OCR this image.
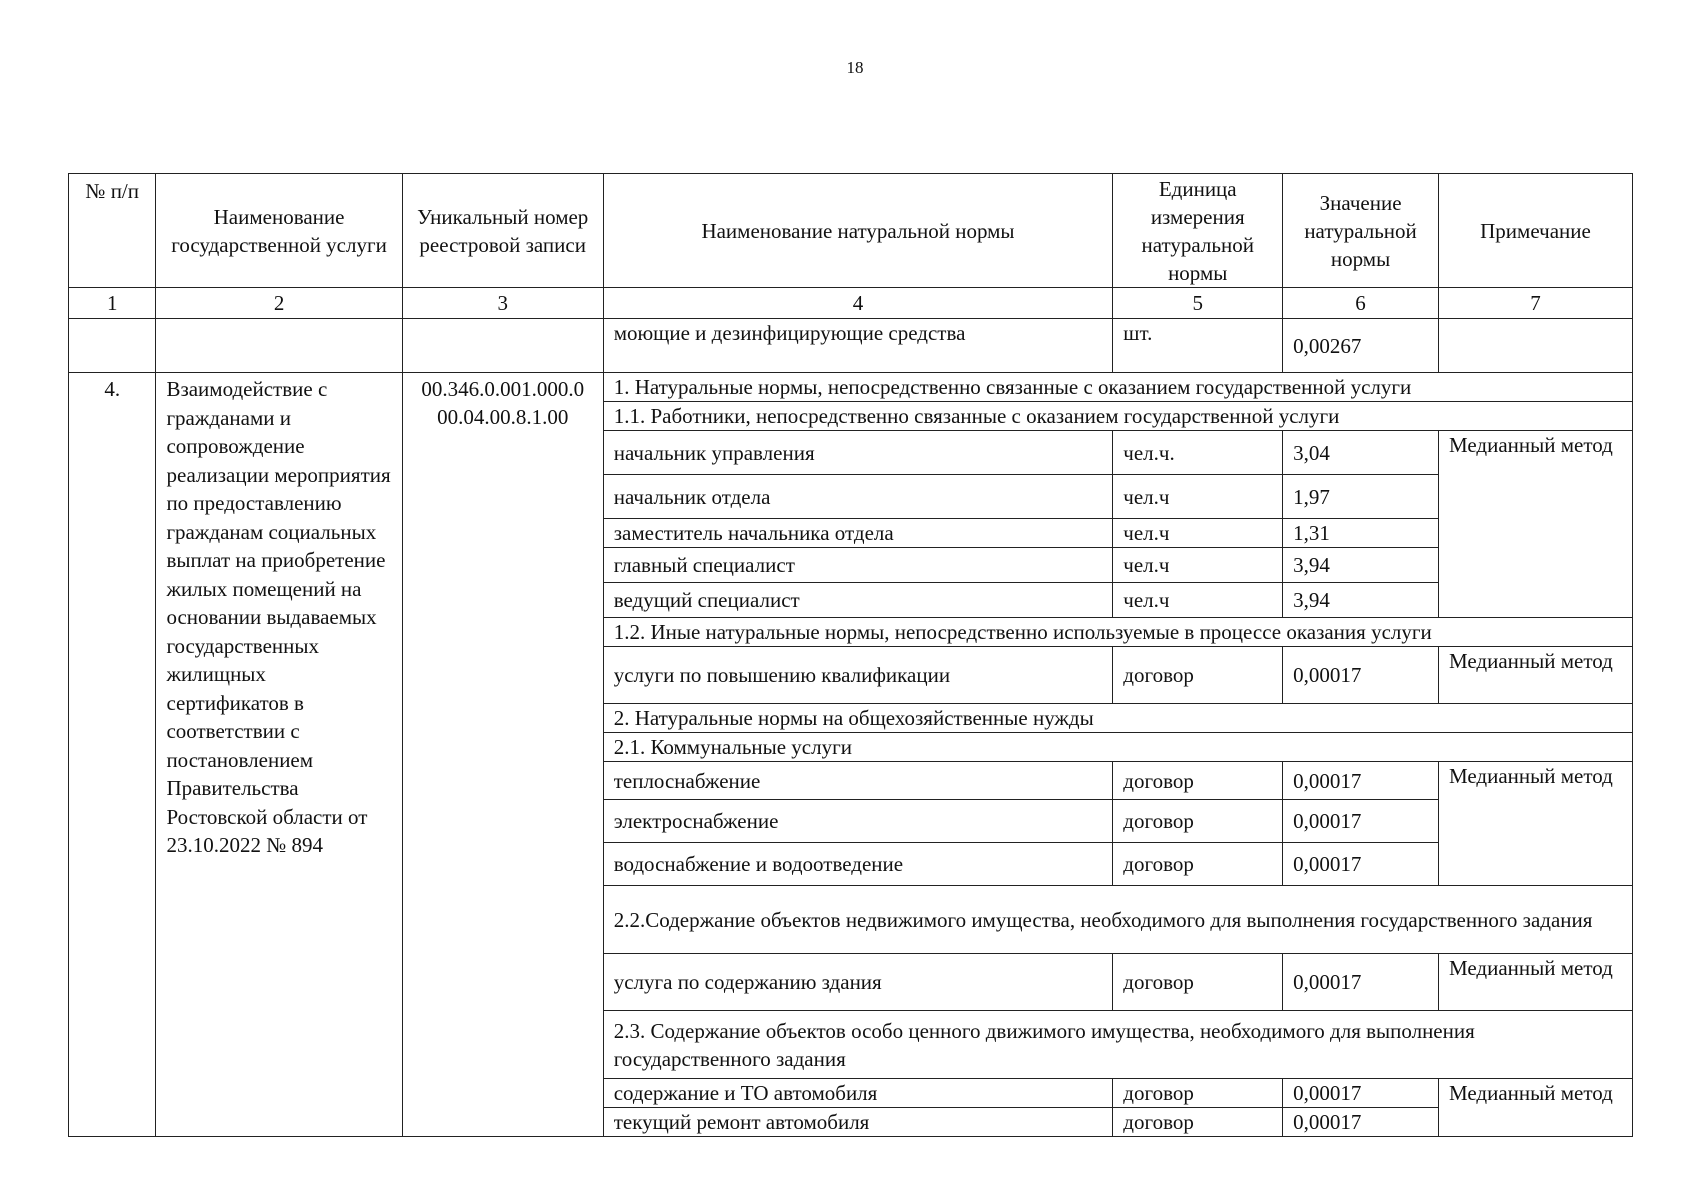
18
№ п/п	Наименование государственной услуги	Уникальный номер реестровой записи	Наименование натуральной нормы	Единица измерения натуральной нормы	Значение натуральной нормы	Примечание
1	2	3	4	5	6	7
			моющие и дезинфицирующие средства	шт.	0,00267	
4.	Взаимодействие с гражданами и сопровождение реализации мероприятия по предоставлению гражданам социальных выплат на приобретение жилых помещений на основании выдаваемых государственных жилищных сертификатов в соответствии с постановлением Правительства Ростовской области от 23.10.2022 № 894	00.346.0.001.000.0 00.04.00.8.1.00	1. Натуральные нормы, непосредственно связанные с оказанием государственной услуги			
			1.1. Работники, непосредственно связанные с оказанием государственной услуги			
			начальник управления	чел.ч.	3,04	Медианный метод
			начальник отдела	чел.ч	1,97	
			заместитель начальника отдела	чел.ч	1,31	
			главный специалист	чел.ч	3,94	
			ведущий специалист	чел.ч	3,94	
			1.2. Иные натуральные нормы, непосредственно используемые в процессе оказания услуги			
			услуги по повышению квалификации	договор	0,00017	Медианный метод
			2. Натуральные нормы на общехозяйственные нужды			
			2.1. Коммунальные услуги			
			теплоснабжение	договор	0,00017	Медианный метод
			электроснабжение	договор	0,00017	
			водоснабжение и водоотведение	договор	0,00017	
			2.2.Содержание объектов недвижимого имущества, необходимого для выполнения государственного задания			
			услуга по содержанию здания	договор	0,00017	Медианный метод
			2.3. Содержание объектов особо ценного движимого имущества, необходимого для выполнения государственного задания			
			содержание и ТО автомобиля	договор	0,00017	Медианный метод
			текущий ремонт автомобиля	договор	0,00017	
